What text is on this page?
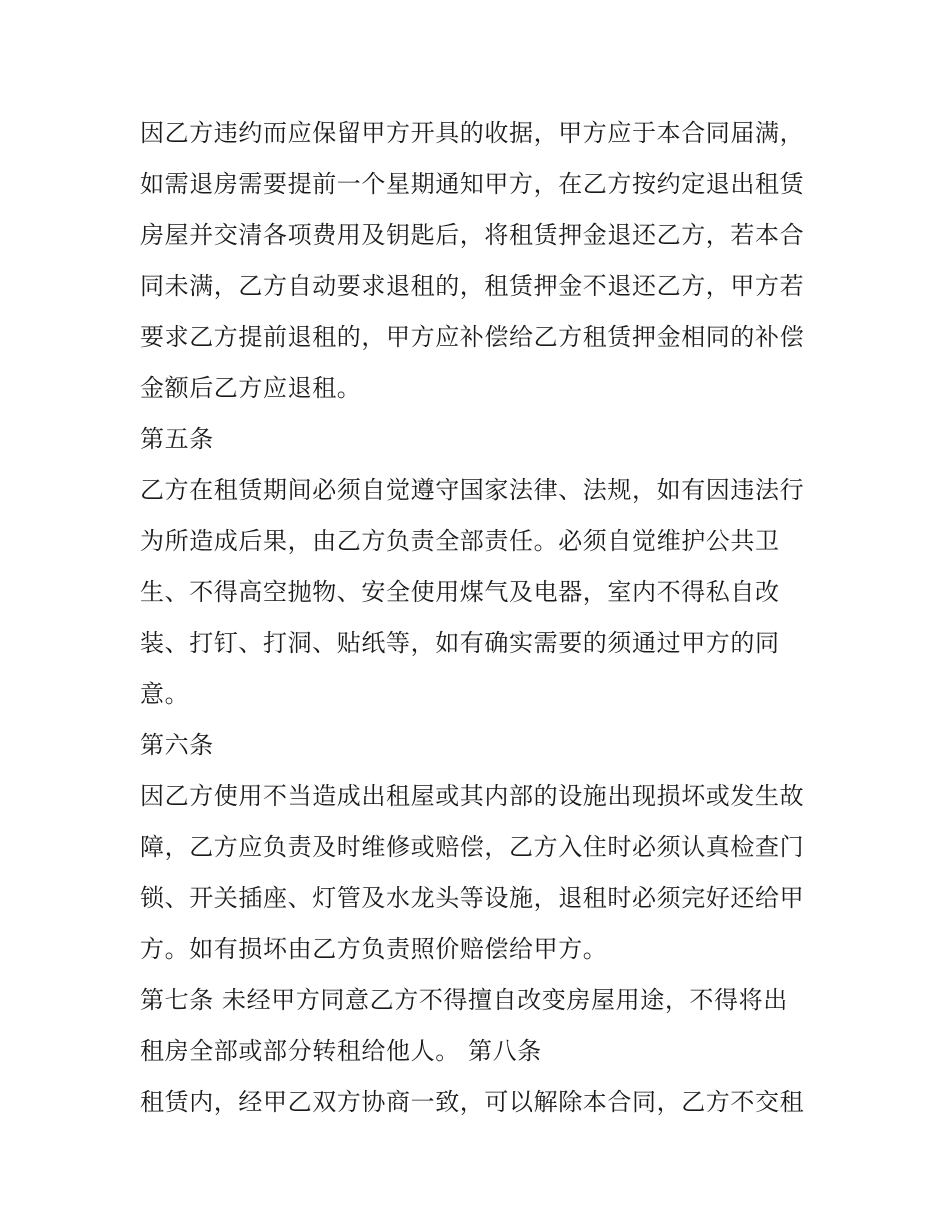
因乙方违约而应保留甲方开具的收据，甲方应于本合同届满，
如需退房需要提前一个星期通知甲方，在乙方按约定退出租赁
房屋并交清各项费用及钥匙后，将租赁押金退还乙方，若本合
同未满，乙方自动要求退租的，租赁押金不退还乙方，甲方若
要求乙方提前退租的，甲方应补偿给乙方租赁押金相同的补偿
金额后乙方应退租。
第五条
乙方在租赁期间必须自觉遵守国家法律、法规，如有因违法行
为所造成后果，由乙方负责全部责任。必须自觉维护公共卫
生、不得高空抛物、安全使用煤气及电器，室内不得私自改
装、打钉、打洞、贴纸等，如有确实需要的须通过甲方的同
意。
第六条
因乙方使用不当造成出租屋或其内部的设施出现损坏或发生故
障，乙方应负责及时维修或赔偿，乙方入住时必须认真检查门
锁、开关插座、灯管及水龙头等设施，退租时必须完好还给甲
方。如有损坏由乙方负责照价赔偿给甲方。
第七条 未经甲方同意乙方不得擅自改变房屋用途，不得将出
租房全部或部分转租给他人。 第八条
租赁内，经甲乙双方协商一致，可以解除本合同，乙方不交租
